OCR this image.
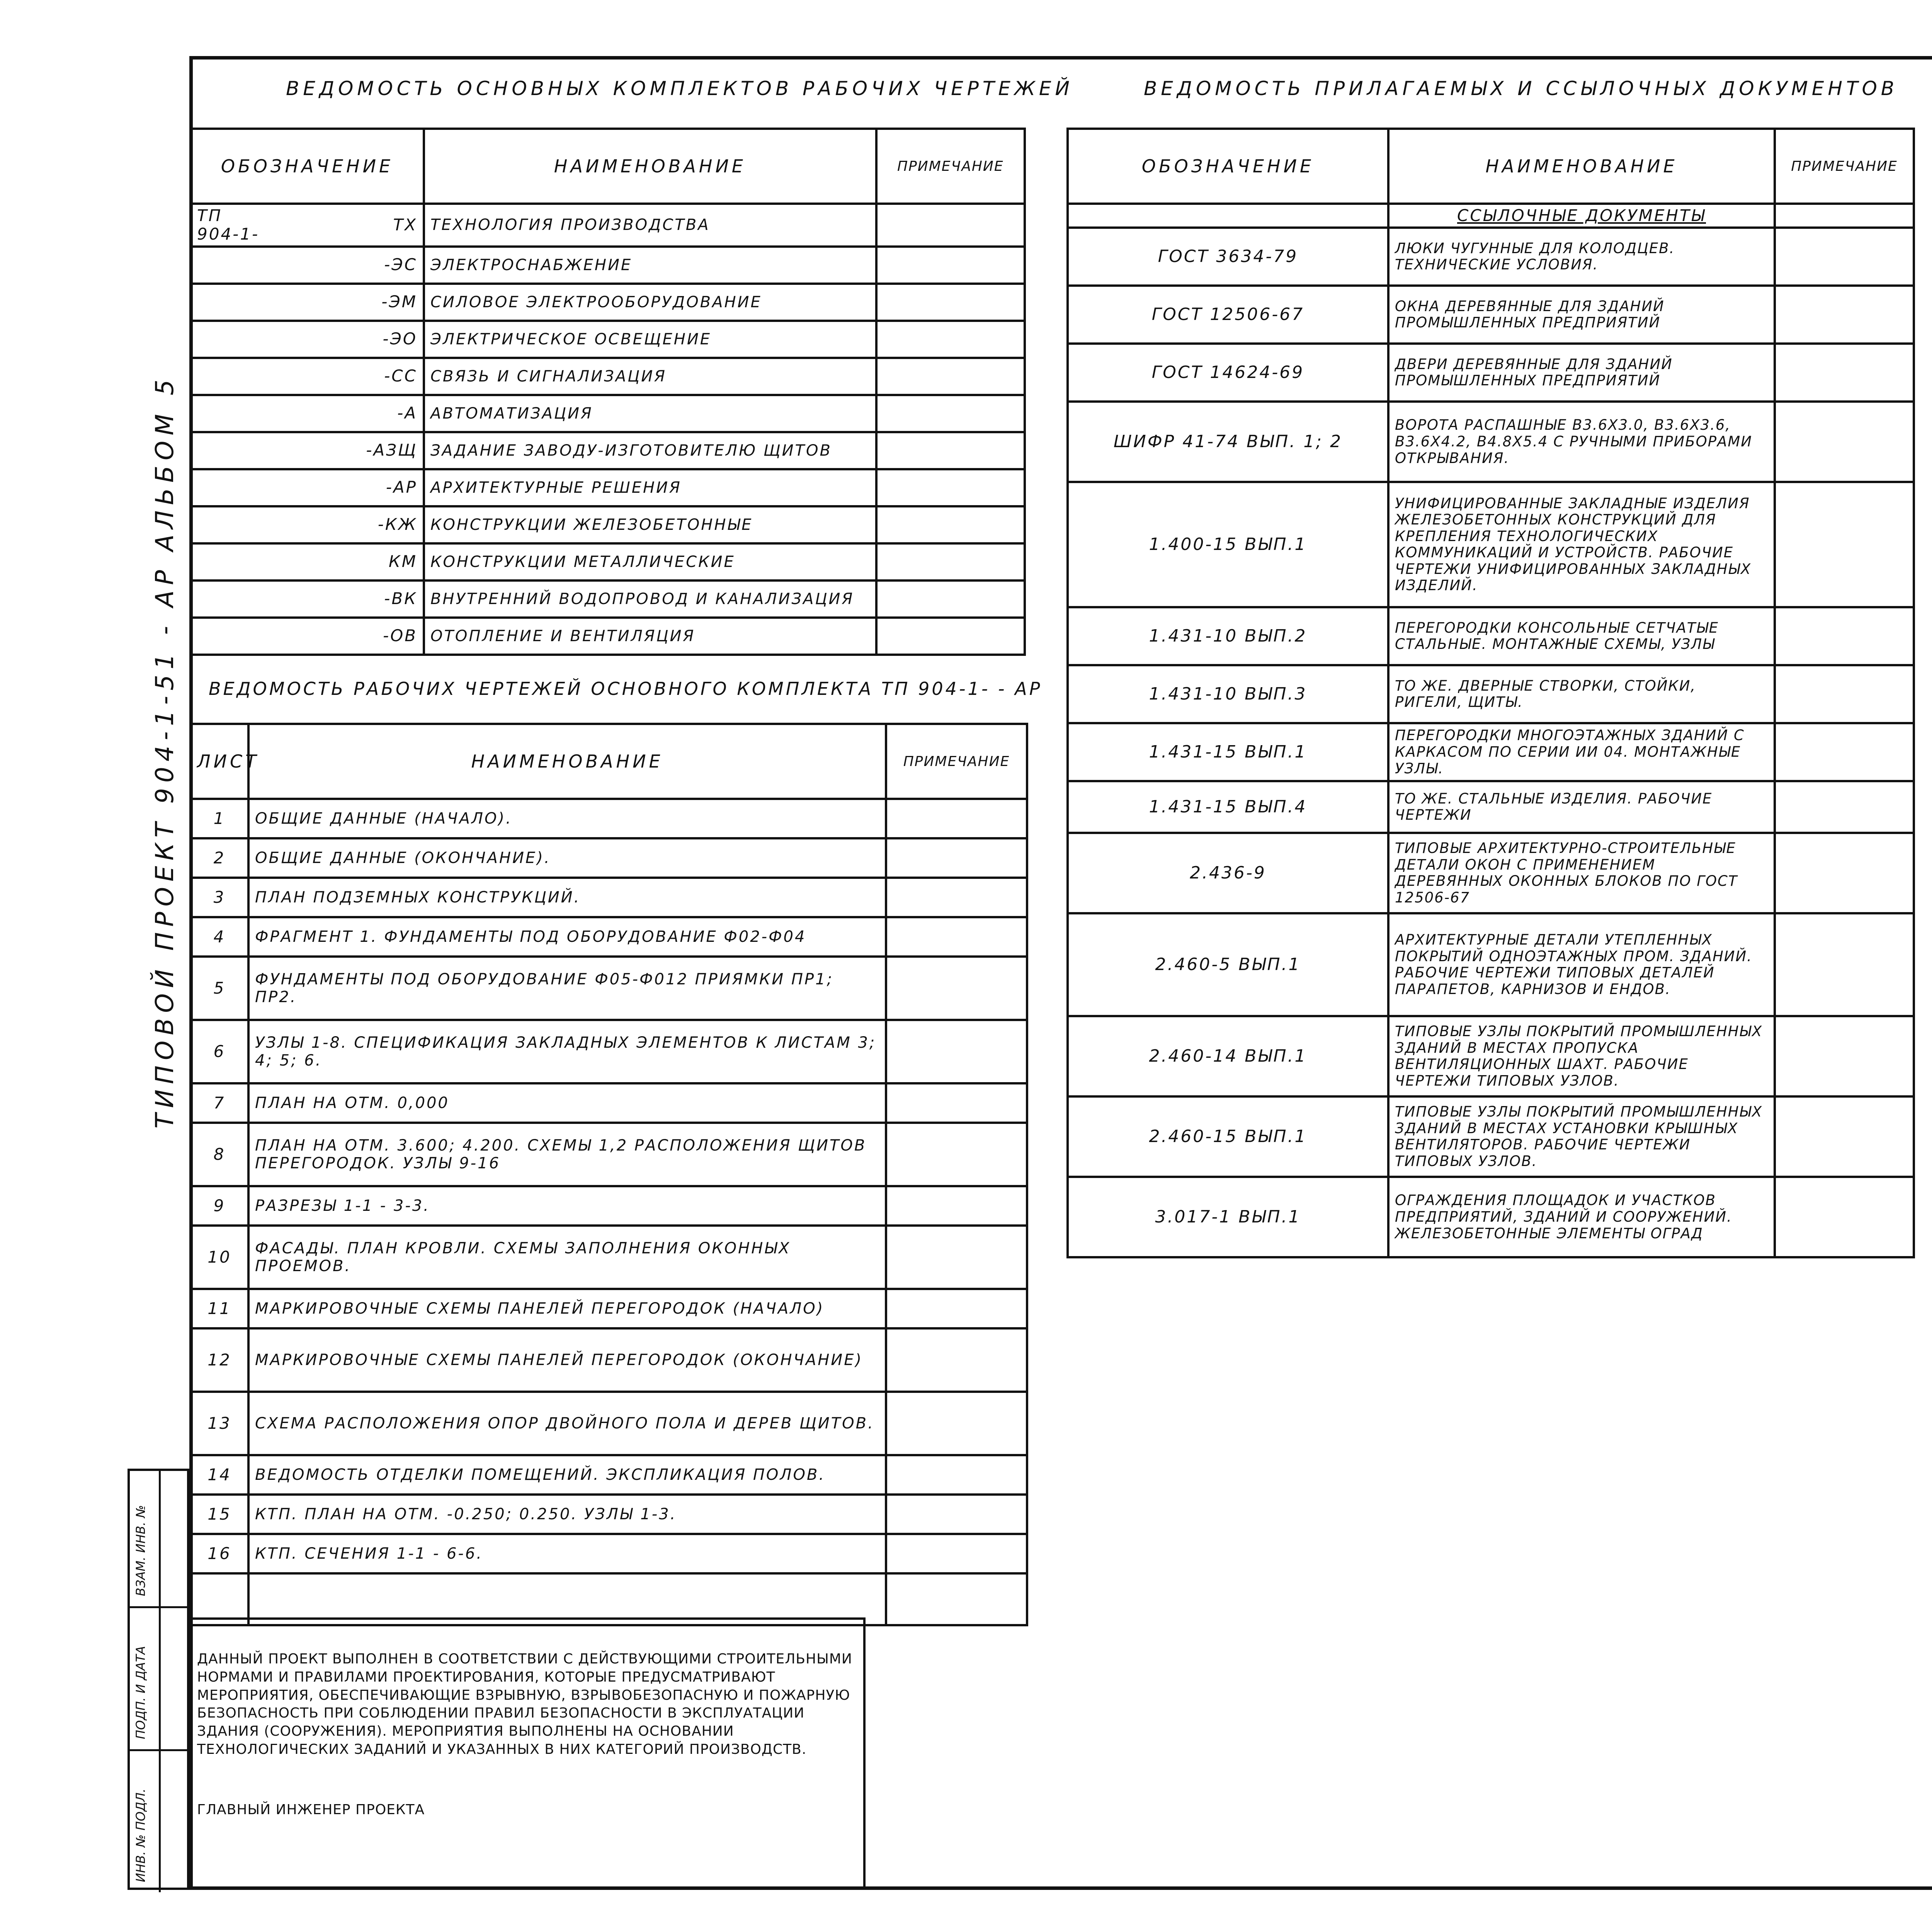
ТИПОВОЙ ПРОЕКТ 904-1-51 - АР АЛЬБОМ 5
ВЕДОМОСТЬ ОСНОВНЫХ КОМПЛЕКТОВ РАБОЧИХ ЧЕРТЕЖЕЙ
ОБОЗНАЧЕНИЕ		НАИМЕНОВАНИЕ	ПРИМЕЧАНИЕ
ТП 904-1-	ТХ	ТЕХНОЛОГИЯ ПРОИЗВОДСТВА	
	-ЭС	ЭЛЕКТРОСНАБЖЕНИЕ	
	-ЭМ	СИЛОВОЕ ЭЛЕКТРООБОРУДОВАНИЕ	
	-ЭО	ЭЛЕКТРИЧЕСКОЕ ОСВЕЩЕНИЕ	
	-СС	СВЯЗЬ И СИГНАЛИЗАЦИЯ	
	-А	АВТОМАТИЗАЦИЯ	
	-АЗЩ	ЗАДАНИЕ ЗАВОДУ-ИЗГОТОВИТЕЛЮ ЩИТОВ	
	-АР	АРХИТЕКТУРНЫЕ РЕШЕНИЯ	
	-КЖ	КОНСТРУКЦИИ ЖЕЛЕЗОБЕТОННЫЕ	
	КМ	КОНСТРУКЦИИ МЕТАЛЛИЧЕСКИЕ	
	-ВК	ВНУТРЕННИЙ ВОДОПРОВОД И КАНАЛИЗАЦИЯ	
	-ОВ	ОТОПЛЕНИЕ И ВЕНТИЛЯЦИЯ	
ВЕДОМОСТЬ РАБОЧИХ ЧЕРТЕЖЕЙ ОСНОВНОГО КОМПЛЕКТА ТП 904-1- - АР
ЛИСТ	НАИМЕНОВАНИЕ	ПРИМЕЧАНИЕ
1	ОБЩИЕ ДАННЫЕ (НАЧАЛО).	
2	ОБЩИЕ ДАННЫЕ (ОКОНЧАНИЕ).	
3	ПЛАН ПОДЗЕМНЫХ КОНСТРУКЦИЙ.	
4	ФРАГМЕНТ 1. ФУНДАМЕНТЫ ПОД ОБОРУДОВАНИЕ Ф02-Ф04	
5	ФУНДАМЕНТЫ ПОД ОБОРУДОВАНИЕ Ф05-Ф012 ПРИЯМКИ ПР1; ПР2.	
6	УЗЛЫ 1-8. СПЕЦИФИКАЦИЯ ЗАКЛАДНЫХ ЭЛЕМЕНТОВ К ЛИСТАМ 3; 4; 5; 6.	
7	ПЛАН НА ОТМ. 0,000	
8	ПЛАН НА ОТМ. 3.600; 4.200. СХЕМЫ 1,2 РАСПОЛОЖЕНИЯ ЩИТОВ ПЕРЕГОРОДОК. УЗЛЫ 9-16	
9	РАЗРЕЗЫ 1-1 - 3-3.	
10	ФАСАДЫ. ПЛАН КРОВЛИ. СХЕМЫ ЗАПОЛНЕНИЯ ОКОННЫХ ПРОЕМОВ.	
11	МАРКИРОВОЧНЫЕ СХЕМЫ ПАНЕЛЕЙ ПЕРЕГОРОДОК (НАЧАЛО)	
12	МАРКИРОВОЧНЫЕ СХЕМЫ ПАНЕЛЕЙ ПЕРЕГОРОДОК (ОКОНЧАНИЕ)	
13	СХЕМА РАСПОЛОЖЕНИЯ ОПОР ДВОЙНОГО ПОЛА И ДЕРЕВ ЩИТОВ.	
14	ВЕДОМОСТЬ ОТДЕЛКИ ПОМЕЩЕНИЙ. ЭКСПЛИКАЦИЯ ПОЛОВ.	
15	КТП. ПЛАН НА ОТМ. -0.250; 0.250. УЗЛЫ 1-3.	
16	КТП. СЕЧЕНИЯ 1-1 - 6-6.	

ВЕДОМОСТЬ ПРИЛАГАЕМЫХ И ССЫЛОЧНЫХ ДОКУМЕНТОВ
ОБОЗНАЧЕНИЕ	НАИМЕНОВАНИЕ	ПРИМЕЧАНИЕ
	ССЫЛОЧНЫЕ ДОКУМЕНТЫ	
ГОСТ 3634-79	ЛЮКИ ЧУГУННЫЕ ДЛЯ КОЛОДЦЕВ. ТЕХНИЧЕСКИЕ УСЛОВИЯ.	
ГОСТ 12506-67	ОКНА ДЕРЕВЯННЫЕ ДЛЯ ЗДАНИЙ ПРОМЫШЛЕННЫХ ПРЕДПРИЯТИЙ	
ГОСТ 14624-69	ДВЕРИ ДЕРЕВЯННЫЕ ДЛЯ ЗДАНИЙ ПРОМЫШЛЕННЫХ ПРЕДПРИЯТИЙ	
ШИФР 41-74 ВЫП. 1; 2	ВОРОТА РАСПАШНЫЕ В3.6Х3.0, В3.6Х3.6, В3.6Х4.2, В4.8Х5.4 С РУЧНЫМИ ПРИБОРАМИ ОТКРЫВАНИЯ.	
1.400-15 ВЫП.1	УНИФИЦИРОВАННЫЕ ЗАКЛАДНЫЕ ИЗДЕЛИЯ ЖЕЛЕЗОБЕТОННЫХ КОНСТРУКЦИЙ ДЛЯ КРЕПЛЕНИЯ ТЕХНОЛОГИЧЕСКИХ КОММУНИКАЦИЙ И УСТРОЙСТВ. РАБОЧИЕ ЧЕРТЕЖИ УНИФИЦИРОВАННЫХ ЗАКЛАДНЫХ ИЗДЕЛИЙ.	
1.431-10 ВЫП.2	ПЕРЕГОРОДКИ КОНСОЛЬНЫЕ СЕТЧАТЫЕ СТАЛЬНЫЕ. МОНТАЖНЫЕ СХЕМЫ, УЗЛЫ	
1.431-10 ВЫП.3	ТО ЖЕ. ДВЕРНЫЕ СТВОРКИ, СТОЙКИ, РИГЕЛИ, ЩИТЫ.	
1.431-15 ВЫП.1	ПЕРЕГОРОДКИ МНОГОЭТАЖНЫХ ЗДАНИЙ С КАРКАСОМ ПО СЕРИИ ИИ 04. МОНТАЖНЫЕ УЗЛЫ.	
1.431-15 ВЫП.4	ТО ЖЕ. СТАЛЬНЫЕ ИЗДЕЛИЯ. РАБОЧИЕ ЧЕРТЕЖИ	
2.436-9	ТИПОВЫЕ АРХИТЕКТУРНО-СТРОИТЕЛЬНЫЕ ДЕТАЛИ ОКОН С ПРИМЕНЕНИЕМ ДЕРЕВЯННЫХ ОКОННЫХ БЛОКОВ ПО ГОСТ 12506-67	
2.460-5 ВЫП.1	АРХИТЕКТУРНЫЕ ДЕТАЛИ УТЕПЛЕННЫХ ПОКРЫТИЙ ОДНОЭТАЖНЫХ ПРОМ. ЗДАНИЙ. РАБОЧИЕ ЧЕРТЕЖИ ТИПОВЫХ ДЕТАЛЕЙ ПАРАПЕТОВ, КАРНИЗОВ И ЕНДОВ.	
2.460-14 ВЫП.1	ТИПОВЫЕ УЗЛЫ ПОКРЫТИЙ ПРОМЫШЛЕННЫХ ЗДАНИЙ В МЕСТАХ ПРОПУСКА ВЕНТИЛЯЦИОННЫХ ШАХТ. РАБОЧИЕ ЧЕРТЕЖИ ТИПОВЫХ УЗЛОВ.	
2.460-15 ВЫП.1	ТИПОВЫЕ УЗЛЫ ПОКРЫТИЙ ПРОМЫШЛЕННЫХ ЗДАНИЙ В МЕСТАХ УСТАНОВКИ КРЫШНЫХ ВЕНТИЛЯТОРОВ. РАБОЧИЕ ЧЕРТЕЖИ ТИПОВЫХ УЗЛОВ.	
3.017-1 ВЫП.1	ОГРАЖДЕНИЯ ПЛОЩАДОК И УЧАСТКОВ ПРЕДПРИЯТИЙ, ЗДАНИЙ И СООРУЖЕНИЙ. ЖЕЛЕЗОБЕТОННЫЕ ЭЛЕМЕНТЫ ОГРАД	

ИНВ. № ПОДЛ.
ПОДП. И ДАТА
ВЗАМ. ИНВ. №
ДАННЫЙ ПРОЕКТ ВЫПОЛНЕН В СООТВЕТСТВИИ С ДЕЙСТВУЮЩИМИ СТРОИТЕЛЬНЫМИ НОРМАМИ И ПРАВИЛАМИ ПРОЕКТИРОВАНИЯ, КОТОРЫЕ ПРЕДУСМАТРИВАЮТ МЕРОПРИЯТИЯ, ОБЕСПЕЧИВАЮЩИЕ ВЗРЫВНУЮ, ВЗРЫВОБЕЗОПАСНУЮ И ПОЖАРНУЮ БЕЗОПАСНОСТЬ ПРИ СОБЛЮДЕНИИ ПРАВИЛ БЕЗОПАСНОСТИ В ЭКСПЛУАТАЦИИ ЗДАНИЯ (СООРУЖЕНИЯ). МЕРОПРИЯТИЯ ВЫПОЛНЕНЫ НА ОСНОВАНИИ ТЕХНОЛОГИЧЕСКИХ ЗАДАНИЙ И УКАЗАННЫХ В НИХ КАТЕГОРИЙ ПРОИЗВОДСТВ.
ГЛАВНЫЙ ИНЖЕНЕР ПРОЕКТА
